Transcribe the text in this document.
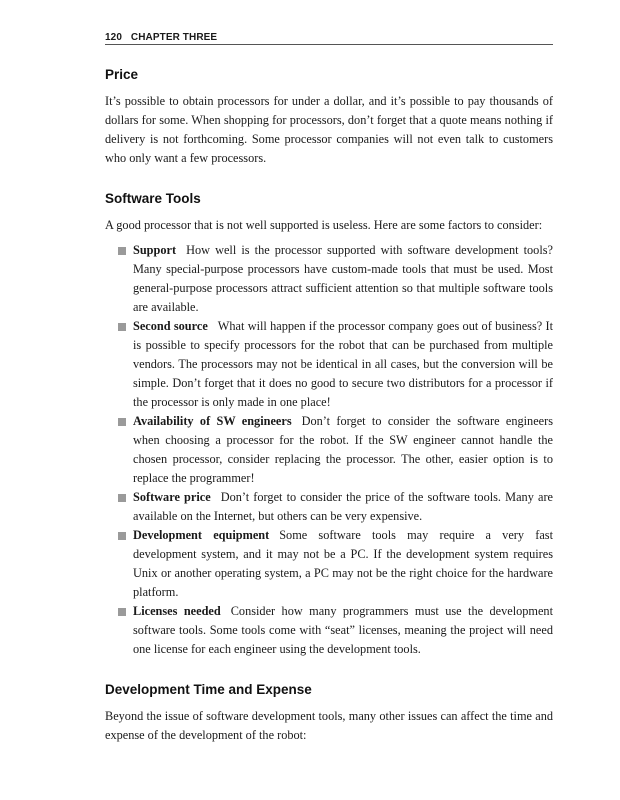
120 CHAPTER THREE
Price

It’s possible to obtain processors for under a dollar, and it’s possible to pay thousands of dollars for some. When shopping for processors, don’t forget that a quote means nothing if delivery is not forthcoming. Some processor companies will not even talk to customers who only want a few processors.

Software Tools

A good processor that is not well supported is useless. Here are some factors to consider:

Support How well is the processor supported with software development tools? Many special-purpose processors have custom-made tools that must be used. Most general-purpose processors attract sufficient attention so that multiple software tools are available.
Second source What will happen if the processor company goes out of business? It is possible to specify processors for the robot that can be purchased from multiple vendors. The processors may not be identical in all cases, but the conversion will be simple. Don’t forget that it does no good to secure two distributors for a processor if the processor is only made in one place!
Availability of SW engineers Don’t forget to consider the software engineers when choosing a processor for the robot. If the SW engineer cannot handle the chosen processor, consider replacing the processor. The other, easier option is to replace the programmer!
Software price Don’t forget to consider the price of the software tools. Many are available on the Internet, but others can be very expensive.
Development equipment Some software tools may require a very fast development system, and it may not be a PC. If the development system requires Unix or another operating system, a PC may not be the right choice for the hardware platform.
Licenses needed Consider how many programmers must use the development software tools. Some tools come with “seat” licenses, meaning the project will need one license for each engineer using the development tools.
Development Time and Expense

Beyond the issue of software development tools, many other issues can affect the time and expense of the development of the robot:
